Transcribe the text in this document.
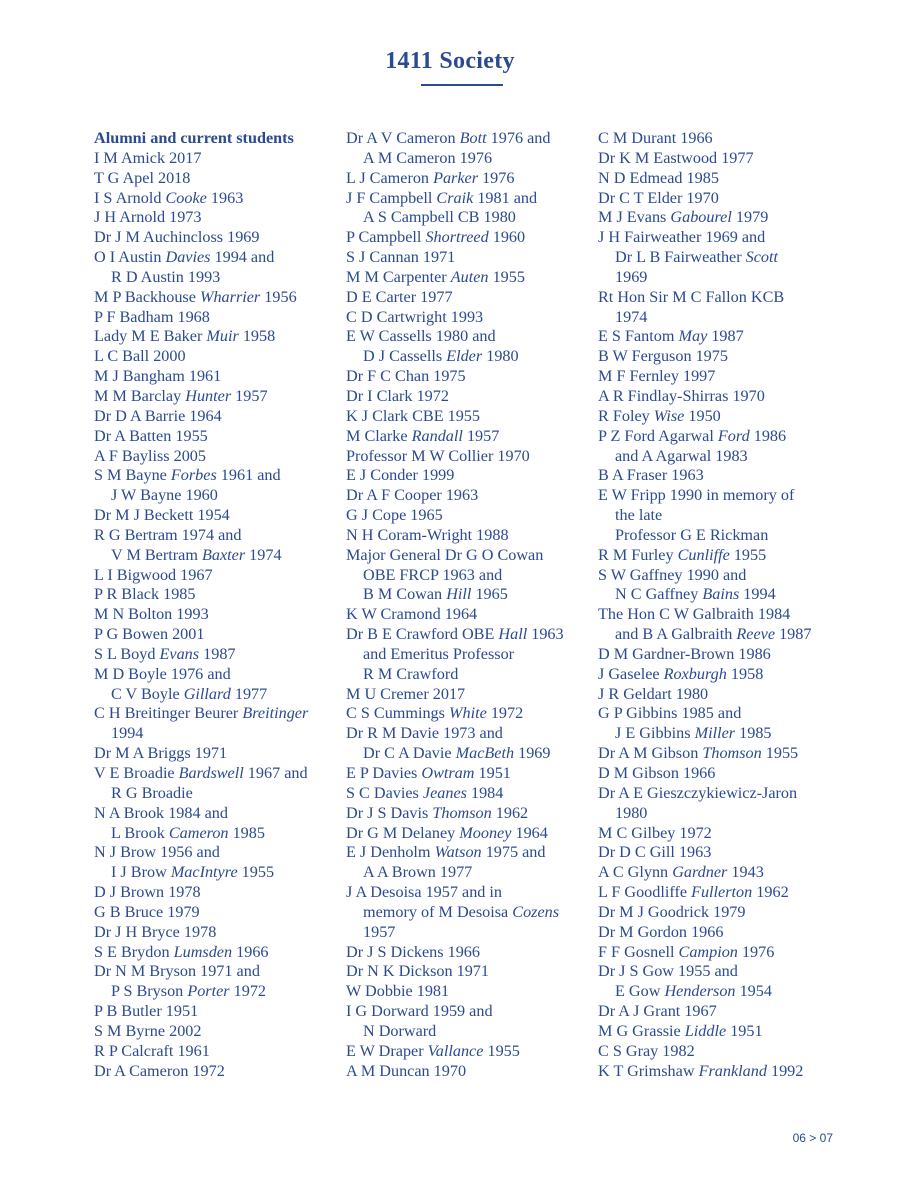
1411 Society
Alumni and current students
I M Amick 2017
T G Apel 2018
I S Arnold Cooke 1963
J H Arnold 1973
Dr J M Auchincloss 1969
O I Austin Davies 1994 and
R D Austin 1993
M P Backhouse Wharrier 1956
P F Badham 1968
Lady M E Baker Muir 1958
L C Ball 2000
M J Bangham 1961
M M Barclay Hunter 1957
Dr D A Barrie 1964
Dr A Batten 1955
A F Bayliss 2005
S M Bayne Forbes 1961 and
J W Bayne 1960
Dr M J Beckett 1954
R G Bertram 1974 and
V M Bertram Baxter 1974
L I Bigwood 1967
P R Black 1985
M N Bolton 1993
P G Bowen 2001
S L Boyd Evans 1987
M D Boyle 1976 and
C V Boyle Gillard 1977
C H Breitinger Beurer Breitinger
1994
Dr M A Briggs 1971
V E Broadie Bardswell 1967 and
R G Broadie
N A Brook 1984 and
L Brook Cameron 1985
N J Brow 1956 and
I J Brow MacIntyre 1955
D J Brown 1978
G B Bruce 1979
Dr J H Bryce 1978
S E Brydon Lumsden 1966
Dr N M Bryson 1971 and
P S Bryson Porter 1972
P B Butler 1951
S M Byrne 2002
R P Calcraft 1961
Dr A Cameron 1972
Dr A V Cameron Bott 1976 and
A M Cameron 1976
L J Cameron Parker 1976
J F Campbell Craik 1981 and
A S Campbell CB 1980
P Campbell Shortreed 1960
S J Cannan 1971
M M Carpenter Auten 1955
D E Carter 1977
C D Cartwright 1993
E W Cassells 1980 and
D J Cassells Elder 1980
Dr F C Chan 1975
Dr I Clark 1972
K J Clark CBE 1955
M Clarke Randall 1957
Professor M W Collier 1970
E J Conder 1999
Dr A F Cooper 1963
G J Cope 1965
N H Coram-Wright 1988
Major General Dr G O Cowan
OBE FRCP 1963 and
B M Cowan Hill 1965
K W Cramond 1964
Dr B E Crawford OBE Hall 1963
and Emeritus Professor
R M Crawford
M U Cremer 2017
C S Cummings White 1972
Dr R M Davie 1973 and
Dr C A Davie MacBeth 1969
E P Davies Owtram 1951
S C Davies Jeanes 1984
Dr J S Davis Thomson 1962
Dr G M Delaney Mooney 1964
E J Denholm Watson 1975 and
A A Brown 1977
J A Desoisa 1957 and in
memory of M Desoisa Cozens
1957
Dr J S Dickens 1966
Dr N K Dickson 1971
W Dobbie 1981
I G Dorward 1959 and
N Dorward
E W Draper Vallance 1955
A M Duncan 1970
C M Durant 1966
Dr K M Eastwood 1977
N D Edmead 1985
Dr C T Elder 1970
M J Evans Gabourel 1979
J H Fairweather 1969 and
Dr L B Fairweather Scott
1969
Rt Hon Sir M C Fallon KCB
1974
E S Fantom May 1987
B W Ferguson 1975
M F Fernley 1997
A R Findlay-Shirras 1970
R Foley Wise 1950
P Z Ford Agarwal Ford 1986
and A Agarwal 1983
B A Fraser 1963
E W Fripp 1990 in memory of
the late
Professor G E Rickman
R M Furley Cunliffe 1955
S W Gaffney 1990 and
N C Gaffney Bains 1994
The Hon C W Galbraith 1984
and B A Galbraith Reeve 1987
D M Gardner-Brown 1986
J Gaselee Roxburgh 1958
J R Geldart 1980
G P Gibbins 1985 and
J E Gibbins Miller 1985
Dr A M Gibson Thomson 1955
D M Gibson 1966
Dr A E Gieszczykiewicz-Jaron
1980
M C Gilbey 1972
Dr D C Gill 1963
A C Glynn Gardner 1943
L F Goodliffe Fullerton 1962
Dr M J Goodrick 1979
Dr M Gordon 1966
F F Gosnell Campion 1976
Dr J S Gow 1955 and
E Gow Henderson 1954
Dr A J Grant 1967
M G Grassie Liddle 1951
C S Gray 1982
K T Grimshaw Frankland 1992
06 > 07
